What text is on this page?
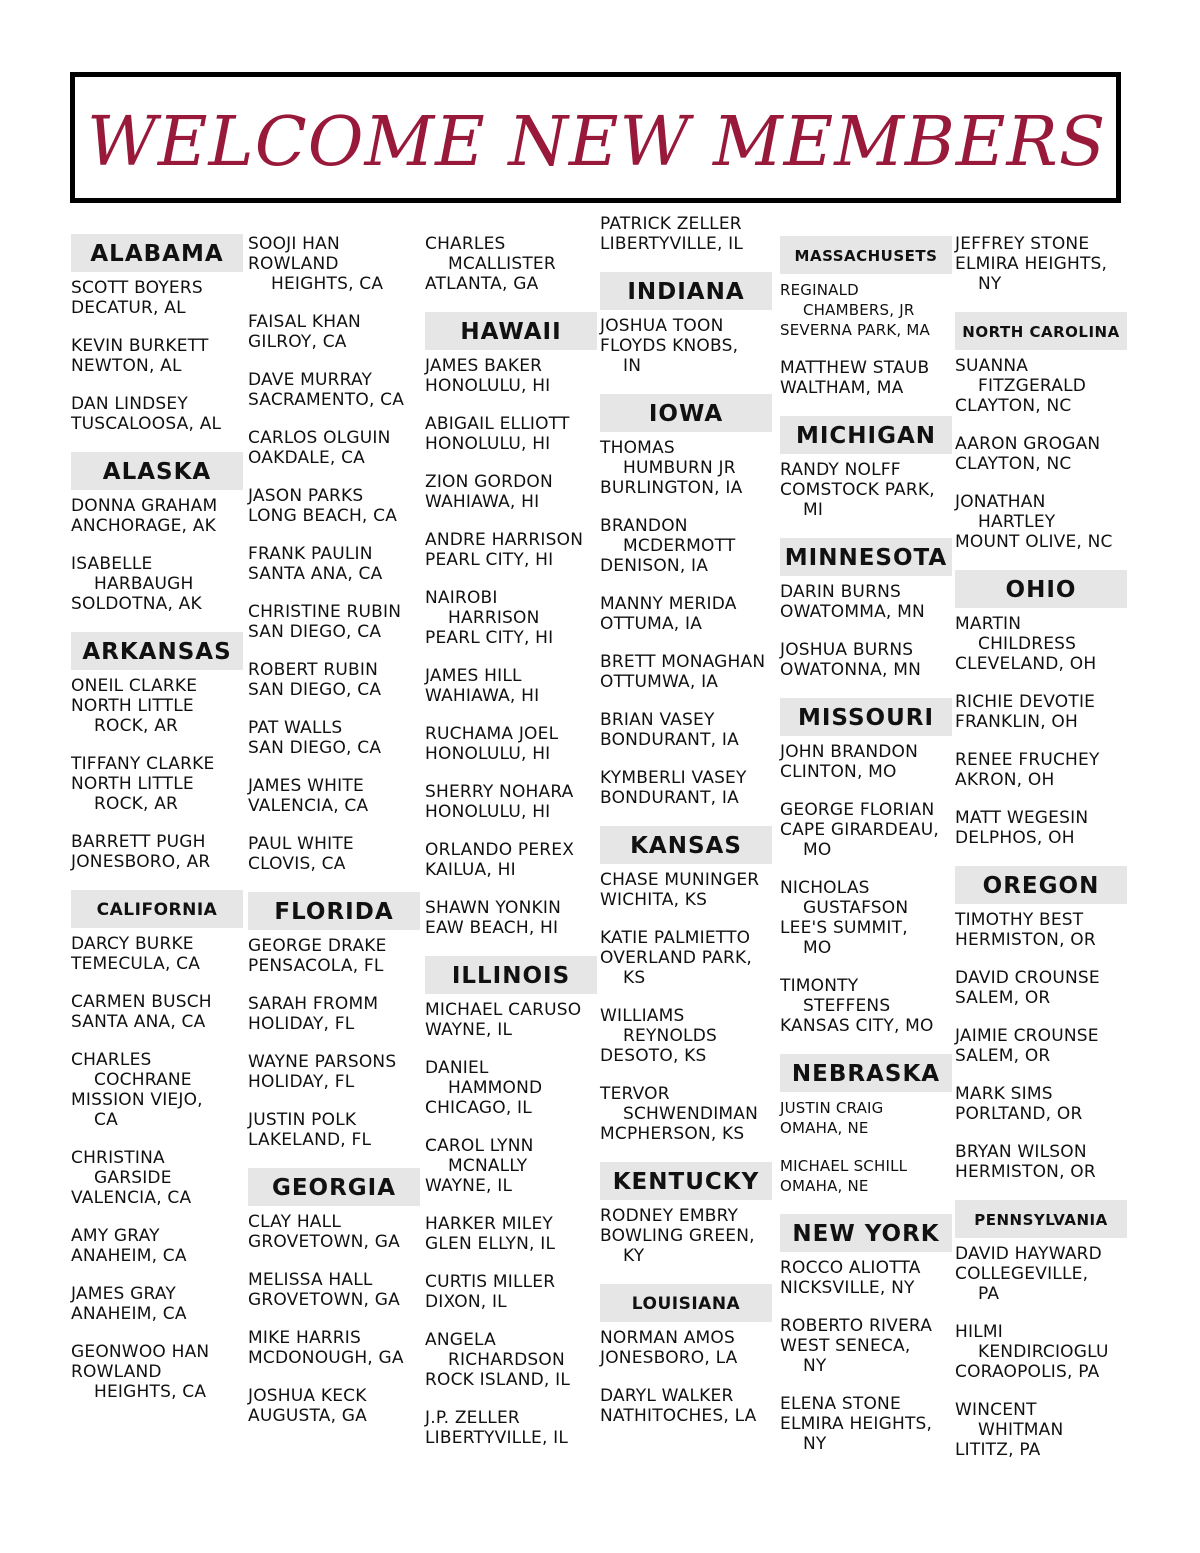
WELCOME NEW MEMBERS
ALABAMA
SCOTT BOYERS
DECATUR, AL
KEVIN BURKETT
NEWTON, AL
DAN LINDSEY
TUSCALOOSA, AL
ALASKA
DONNA GRAHAM
ANCHORAGE, AK
ISABELLE
HARBAUGH
SOLDOTNA, AK
ARKANSAS
ONEIL CLARKE
NORTH LITTLE
ROCK, AR
TIFFANY CLARKE
NORTH LITTLE
ROCK, AR
BARRETT PUGH
JONESBORO, AR
CALIFORNIA
DARCY BURKE
TEMECULA, CA
CARMEN BUSCH
SANTA ANA, CA
CHARLES
COCHRANE
MISSION VIEJO,
CA
CHRISTINA
GARSIDE
VALENCIA, CA
AMY GRAY
ANAHEIM, CA
JAMES GRAY
ANAHEIM, CA
GEONWOO HAN
ROWLAND
HEIGHTS, CA
SOOJI HAN
ROWLAND
HEIGHTS, CA
FAISAL KHAN
GILROY, CA
DAVE MURRAY
SACRAMENTO, CA
CARLOS OLGUIN
OAKDALE, CA
JASON PARKS
LONG BEACH, CA
FRANK PAULIN
SANTA ANA, CA
CHRISTINE RUBIN
SAN DIEGO, CA
ROBERT RUBIN
SAN DIEGO, CA
PAT WALLS
SAN DIEGO, CA
JAMES WHITE
VALENCIA, CA
PAUL WHITE
CLOVIS, CA
FLORIDA
GEORGE DRAKE
PENSACOLA, FL
SARAH FROMM
HOLIDAY, FL
WAYNE PARSONS
HOLIDAY, FL
JUSTIN POLK
LAKELAND, FL
GEORGIA
CLAY HALL
GROVETOWN, GA
MELISSA HALL
GROVETOWN, GA
MIKE HARRIS
MCDONOUGH, GA
JOSHUA KECK
AUGUSTA, GA
CHARLES
MCALLISTER
ATLANTA, GA
HAWAII
JAMES BAKER
HONOLULU, HI
ABIGAIL ELLIOTT
HONOLULU, HI
ZION GORDON
WAHIAWA, HI
ANDRE HARRISON
PEARL CITY, HI
NAIROBI
HARRISON
PEARL CITY, HI
JAMES HILL
WAHIAWA, HI
RUCHAMA JOEL
HONOLULU, HI
SHERRY NOHARA
HONOLULU, HI
ORLANDO PEREX
KAILUA, HI
SHAWN YONKIN
EAW BEACH, HI
ILLINOIS
MICHAEL CARUSO
WAYNE, IL
DANIEL
HAMMOND
CHICAGO, IL
CAROL LYNN
MCNALLY
WAYNE, IL
HARKER MILEY
GLEN ELLYN, IL
CURTIS MILLER
DIXON, IL
ANGELA
RICHARDSON
ROCK ISLAND, IL
J.P. ZELLER
LIBERTYVILLE, IL
PATRICK ZELLER
LIBERTYVILLE, IL
INDIANA
JOSHUA TOON
FLOYDS KNOBS,
IN
IOWA
THOMAS
HUMBURN JR
BURLINGTON, IA
BRANDON
MCDERMOTT
DENISON, IA
MANNY MERIDA
OTTUMA, IA
BRETT MONAGHAN
OTTUMWA, IA
BRIAN VASEY
BONDURANT, IA
KYMBERLI VASEY
BONDURANT, IA
KANSAS
CHASE MUNINGER
WICHITA, KS
KATIE PALMIETTO
OVERLAND PARK,
KS
WILLIAMS
REYNOLDS
DESOTO, KS
TERVOR
SCHWENDIMAN
MCPHERSON, KS
KENTUCKY
RODNEY EMBRY
BOWLING GREEN,
KY
LOUISIANA
NORMAN AMOS
JONESBORO, LA
DARYL WALKER
NATHITOCHES, LA
MASSACHUSETS
REGINALD
CHAMBERS, JR
SEVERNA PARK, MA
MATTHEW STAUB
WALTHAM, MA
MICHIGAN
RANDY NOLFF
COMSTOCK PARK,
MI
MINNESOTA
DARIN BURNS
OWATOMMA, MN
JOSHUA BURNS
OWATONNA, MN
MISSOURI
JOHN BRANDON
CLINTON, MO
GEORGE FLORIAN
CAPE GIRARDEAU,
MO
NICHOLAS
GUSTAFSON
LEE'S SUMMIT,
MO
TIMONTY
STEFFENS
KANSAS CITY, MO
NEBRASKA
JUSTIN CRAIG
OMAHA, NE
MICHAEL SCHILL
OMAHA, NE
NEW YORK
ROCCO ALIOTTA
NICKSVILLE, NY
ROBERTO RIVERA
WEST SENECA,
NY
ELENA STONE
ELMIRA HEIGHTS,
NY
JEFFREY STONE
ELMIRA HEIGHTS,
NY
NORTH CAROLINA
SUANNA
FITZGERALD
CLAYTON, NC
AARON GROGAN
CLAYTON, NC
JONATHAN
HARTLEY
MOUNT OLIVE, NC
OHIO
MARTIN
CHILDRESS
CLEVELAND, OH
RICHIE DEVOTIE
FRANKLIN, OH
RENEE FRUCHEY
AKRON, OH
MATT WEGESIN
DELPHOS, OH
OREGON
TIMOTHY BEST
HERMISTON, OR
DAVID CROUNSE
SALEM, OR
JAIMIE CROUNSE
SALEM, OR
MARK SIMS
PORLTAND, OR
BRYAN WILSON
HERMISTON, OR
PENNSYLVANIA
DAVID HAYWARD
COLLEGEVILLE,
PA
HILMI
KENDIRCIOGLU
CORAOPOLIS, PA
WINCENT
WHITMAN
LITITZ, PA
